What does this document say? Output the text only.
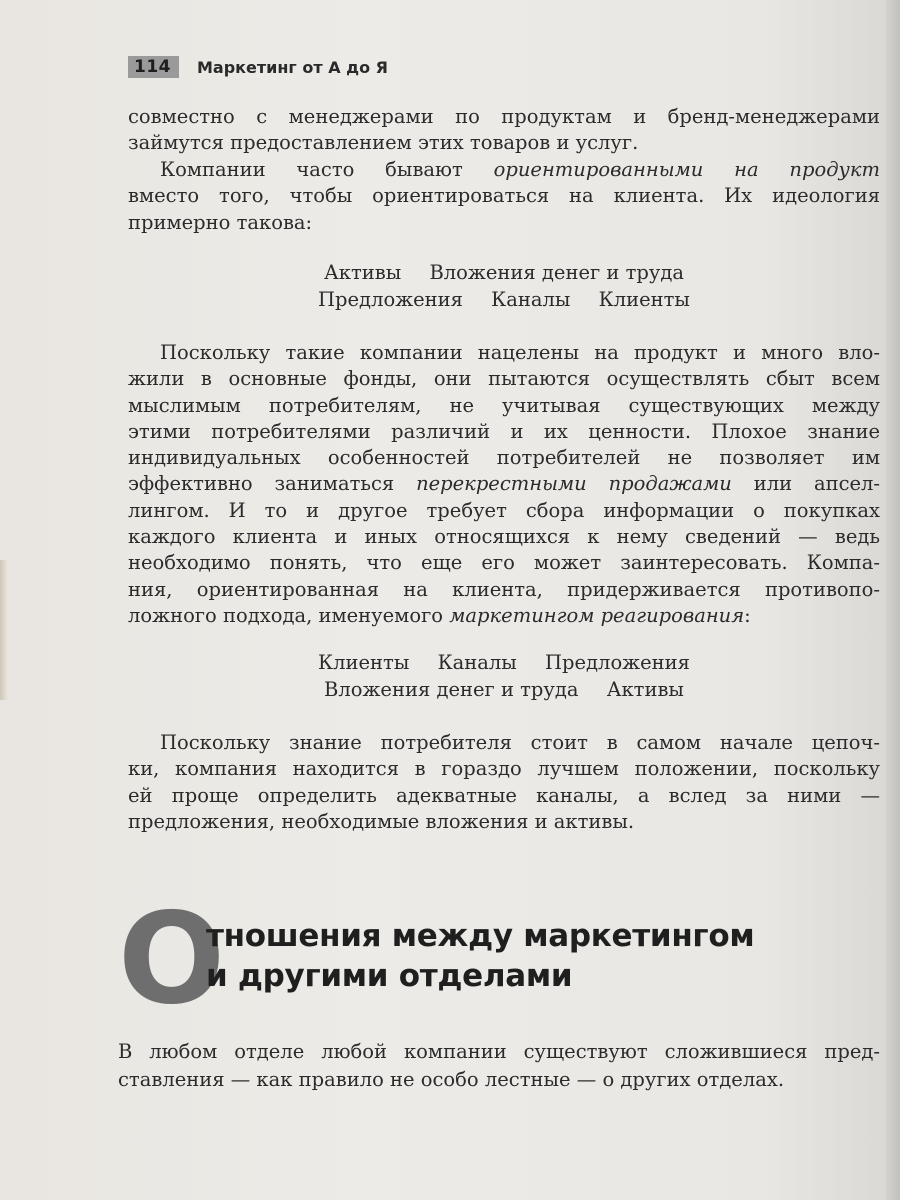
114	Маркетинг от А до Я
совместно с менеджерами по продуктам и бренд-менеджерами
займутся предоставлением этих товаров и услуг.
Компании часто бывают ориентированными на продукт
вместо того, чтобы ориентироваться на клиента. Их идеология
примерно такова:
Активы Вложения денег и труда
Предложения Каналы Клиенты
Поскольку такие компании нацелены на продукт и много вло-
жили в основные фонды, они пытаются осуществлять сбыт всем
мыслимым потребителям, не учитывая существующих между
этими потребителями различий и их ценности. Плохое знание
индивидуальных особенностей потребителей не позволяет им
эффективно заниматься перекрестными продажами или апсел-
лингом. И то и другое требует сбора информации о покупках
каждого клиента и иных относящихся к нему сведений — ведь
необходимо понять, что еще его может заинтересовать. Компа-
ния, ориентированная на клиента, придерживается противопо-
ложного подхода, именуемого маркетингом реагирования:
Клиенты Каналы Предложения
Вложения денег и труда Активы
Поскольку знание потребителя стоит в самом начале цепоч-
ки, компания находится в гораздо лучшем положении, поскольку
ей проще определить адекватные каналы, а вслед за ними —
предложения, необходимые вложения и активы.
О
тношения между маркетингом
и другими отделами
В любом отделе любой компании существуют сложившиеся пред-
ставления — как правило не особо лестные — о других отделах.
